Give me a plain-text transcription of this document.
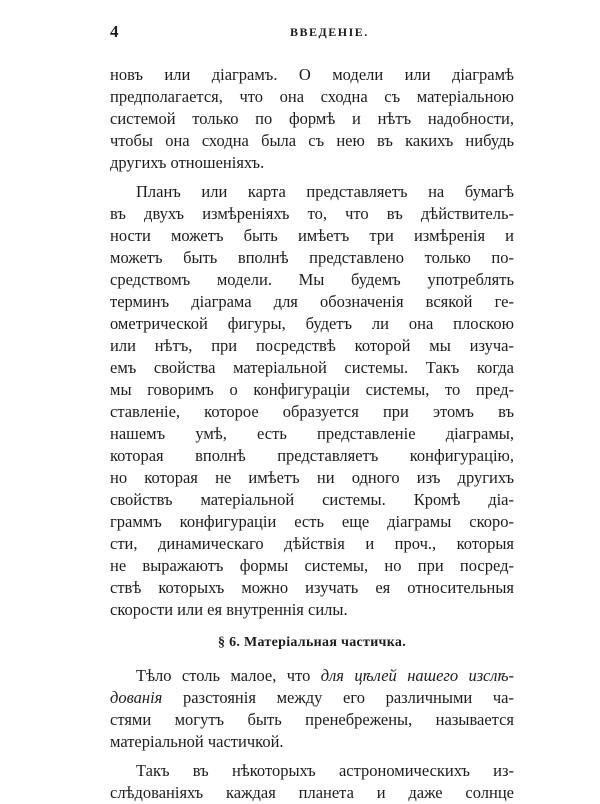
4	ВВЕДЕНІЕ.
новъ или діаграмъ. О модели или діаграмѣ
предполагается, что она сходна съ матеріальною
системой только по формѣ и нѣтъ надобности,
чтобы она сходна была съ нею въ какихъ нибудь
другихъ отношеніяхъ.
Планъ или карта представляетъ на бумагѣ
въ двухъ измѣреніяхъ то, что въ дѣйствитель-
ности можетъ быть имѣетъ три измѣренія и
можетъ быть вполнѣ представлено только по-
средствомъ модели. Мы будемъ употреблять
терминъ діаграма для обозначенія всякой ге-
ометрической фигуры, будетъ ли она плоскою
или нѣтъ, при посредствѣ которой мы изуча-
емъ свойства матеріальной системы. Такъ когда
мы говоримъ о конфигураціи системы, то пред-
ставленіе, которое образуется при этомъ въ
нашемъ умѣ, есть представленіе діаграмы,
которая вполнѣ представляетъ конфигурацію,
но которая не имѣетъ ни одного изъ другихъ
свойствъ матеріальной системы. Кромѣ діа-
граммъ конфигураціи есть еще діаграмы скоро-
сти, динамическаго дѣйствія и проч., которыя
не выражаютъ формы системы, но при посред-
ствѣ которыхъ можно изучать ея относительныя
скорости или ея внутреннія силы.
§ 6. Матеріальная частичка.
Тѣло столь малое, что для цѣлей нашего изслѣ-
дованія разстоянія между его различными ча-
стями могутъ быть пренебрежены, называется
матеріальной частичкой.
Такъ въ нѣкоторыхъ астрономическихъ из-
слѣдованіяхъ каждая планета и даже солнце
